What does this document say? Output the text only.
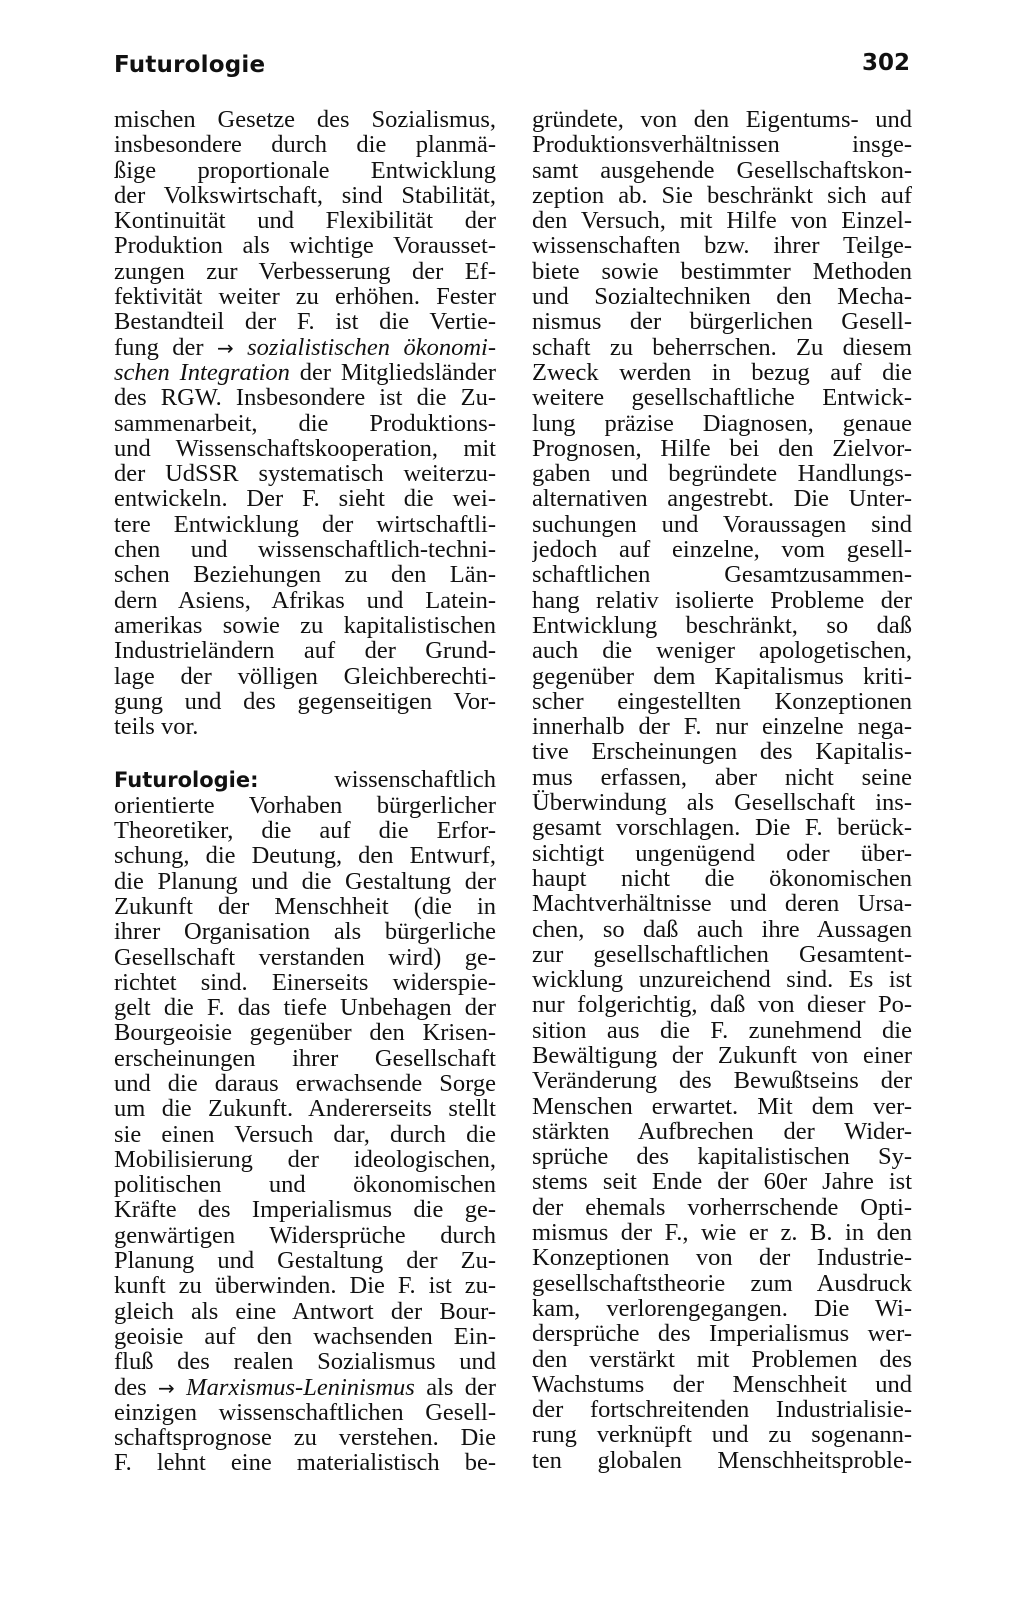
Futurologie	302
mischen Gesetze des Sozialismus,
insbesondere durch die planmä-
ßige proportionale Entwicklung
der Volkswirtschaft, sind Stabilität,
Kontinuität und Flexibilität der
Produktion als wichtige Vorausset-
zungen zur Verbesserung der Ef-
fektivität weiter zu erhöhen. Fester
Bestandteil der F. ist die Vertie-
fung der → sozialistischen ökonomi-
schen Integration der Mitgliedsländer
des RGW. Insbesondere ist die Zu-
sammenarbeit, die Produktions-
und Wissenschaftskooperation, mit
der UdSSR systematisch weiterzu-
entwickeln. Der F. sieht die wei-
tere Entwicklung der wirtschaftli-
chen und wissenschaftlich-techni-
schen Beziehungen zu den Län-
dern Asiens, Afrikas und Latein-
amerikas sowie zu kapitalistischen
Industrieländern auf der Grund-
lage der völligen Gleichberechti-
gung und des gegenseitigen Vor-
teils vor.
Futurologie:	wissenschaftlich
orientierte Vorhaben bürgerlicher
Theoretiker, die auf die Erfor-
schung, die Deutung, den Entwurf,
die Planung und die Gestaltung der
Zukunft der Menschheit (die in
ihrer Organisation als bürgerliche
Gesellschaft verstanden wird) ge-
richtet sind. Einerseits widerspie-
gelt die F. das tiefe Unbehagen der
Bourgeoisie gegenüber den Krisen-
erscheinungen ihrer Gesellschaft
und die daraus erwachsende Sorge
um die Zukunft. Andererseits stellt
sie einen Versuch dar, durch die
Mobilisierung der ideologischen,
politischen und ökonomischen
Kräfte des Imperialismus die ge-
genwärtigen Widersprüche durch
Planung und Gestaltung der Zu-
kunft zu überwinden. Die F. ist zu-
gleich als eine Antwort der Bour-
geoisie auf den wachsenden Ein-
fluß des realen Sozialismus und
des → Marxismus-Leninismus als der
einzigen wissenschaftlichen Gesell-
schaftsprognose zu verstehen. Die
F. lehnt eine materialistisch be-
gründete, von den Eigentums- und
Produktionsverhältnissen insge-
samt ausgehende Gesellschaftskon-
zeption ab. Sie beschränkt sich auf
den Versuch, mit Hilfe von Einzel-
wissenschaften bzw. ihrer Teilge-
biete sowie bestimmter Methoden
und Sozialtechniken den Mecha-
nismus der bürgerlichen Gesell-
schaft zu beherrschen. Zu diesem
Zweck werden in bezug auf die
weitere gesellschaftliche Entwick-
lung präzise Diagnosen, genaue
Prognosen, Hilfe bei den Zielvor-
gaben und begründete Handlungs-
alternativen angestrebt. Die Unter-
suchungen und Voraussagen sind
jedoch auf einzelne, vom gesell-
schaftlichen Gesamtzusammen-
hang relativ isolierte Probleme der
Entwicklung beschränkt, so daß
auch die weniger apologetischen,
gegenüber dem Kapitalismus kriti-
scher eingestellten Konzeptionen
innerhalb der F. nur einzelne nega-
tive Erscheinungen des Kapitalis-
mus erfassen, aber nicht seine
Überwindung als Gesellschaft ins-
gesamt vorschlagen. Die F. berück-
sichtigt ungenügend oder über-
haupt nicht die ökonomischen
Machtverhältnisse und deren Ursa-
chen, so daß auch ihre Aussagen
zur gesellschaftlichen Gesamtent-
wicklung unzureichend sind. Es ist
nur folgerichtig, daß von dieser Po-
sition aus die F. zunehmend die
Bewältigung der Zukunft von einer
Veränderung des Bewußtseins der
Menschen erwartet. Mit dem ver-
stärkten Aufbrechen der Wider-
sprüche des kapitalistischen Sy-
stems seit Ende der 60er Jahre ist
der ehemals vorherrschende Opti-
mismus der F., wie er z. B. in den
Konzeptionen von der Industrie-
gesellschaftstheorie zum Ausdruck
kam, verlorengegangen. Die Wi-
dersprüche des Imperialismus wer-
den verstärkt mit Problemen des
Wachstums der Menschheit und
der fortschreitenden Industrialisie-
rung verknüpft und zu sogenann-
ten globalen Menschheitsproble-
